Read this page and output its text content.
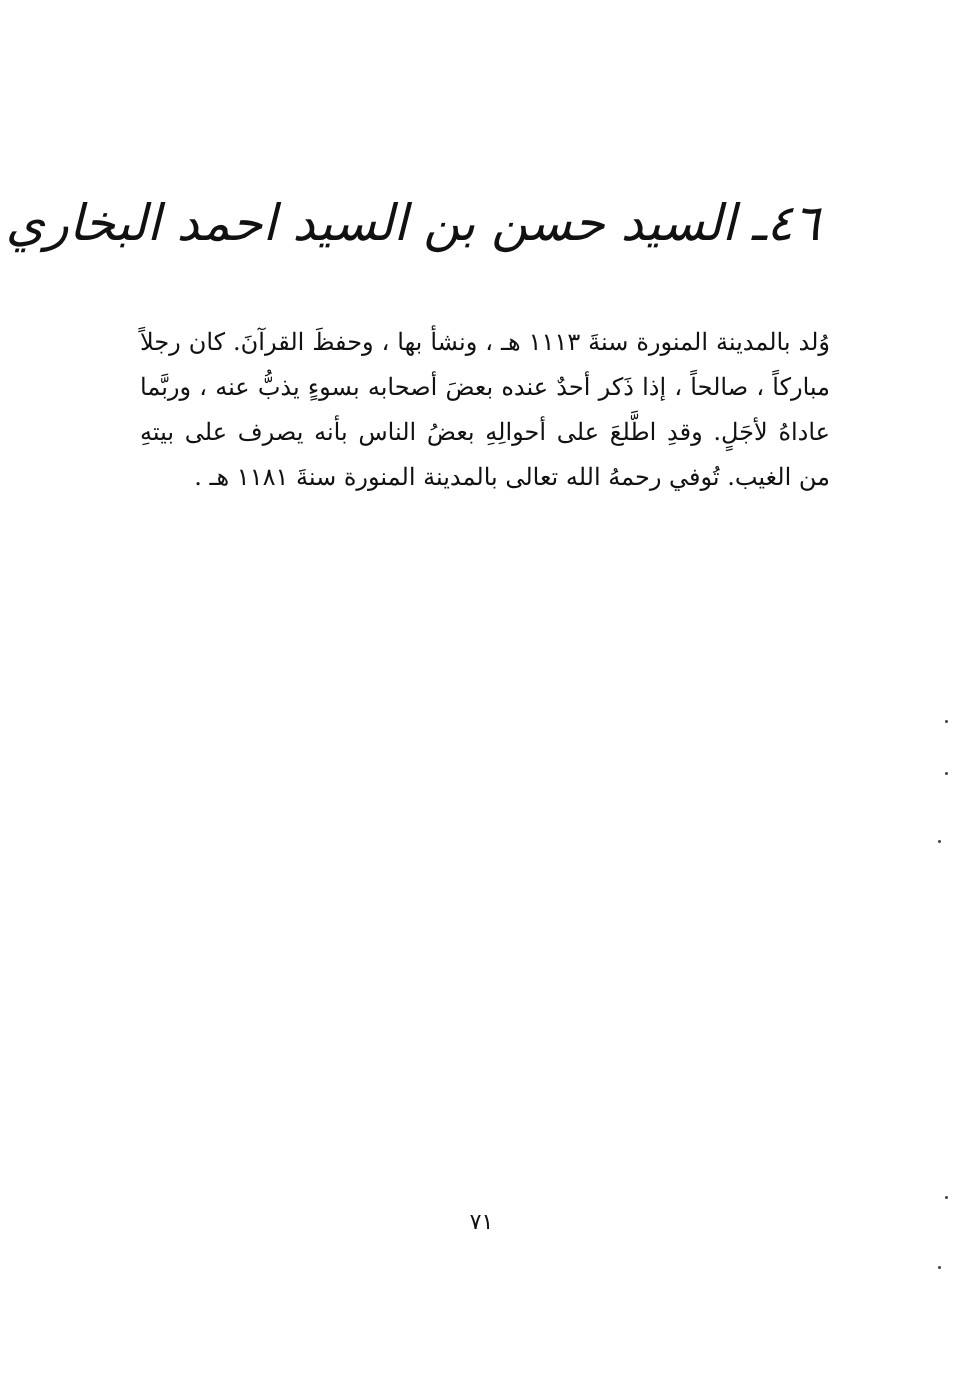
٤٦ـ السيد حسن بن السيد احمد البخاري
وُلد بالمدينة المنورة سنةَ ١١١٣ هـ ، ونشأ بها ، وحفظَ القرآنَ. كان رجلاً مباركاً ، صالحاً ، إذا ذَكر أحدٌ عنده بعضَ أصحابه بسوءٍ يذبُّ عنه ، وربَّما عاداهُ لأجَلٍ. وقدِ اطَّلعَ على أحوالِهِ بعضُ الناس بأنه يصرف على بيتهِ من الغيب. تُوفي رحمهُ الله تعالى بالمدينة المنورة سنةَ ١١٨١ هـ .
٧١
